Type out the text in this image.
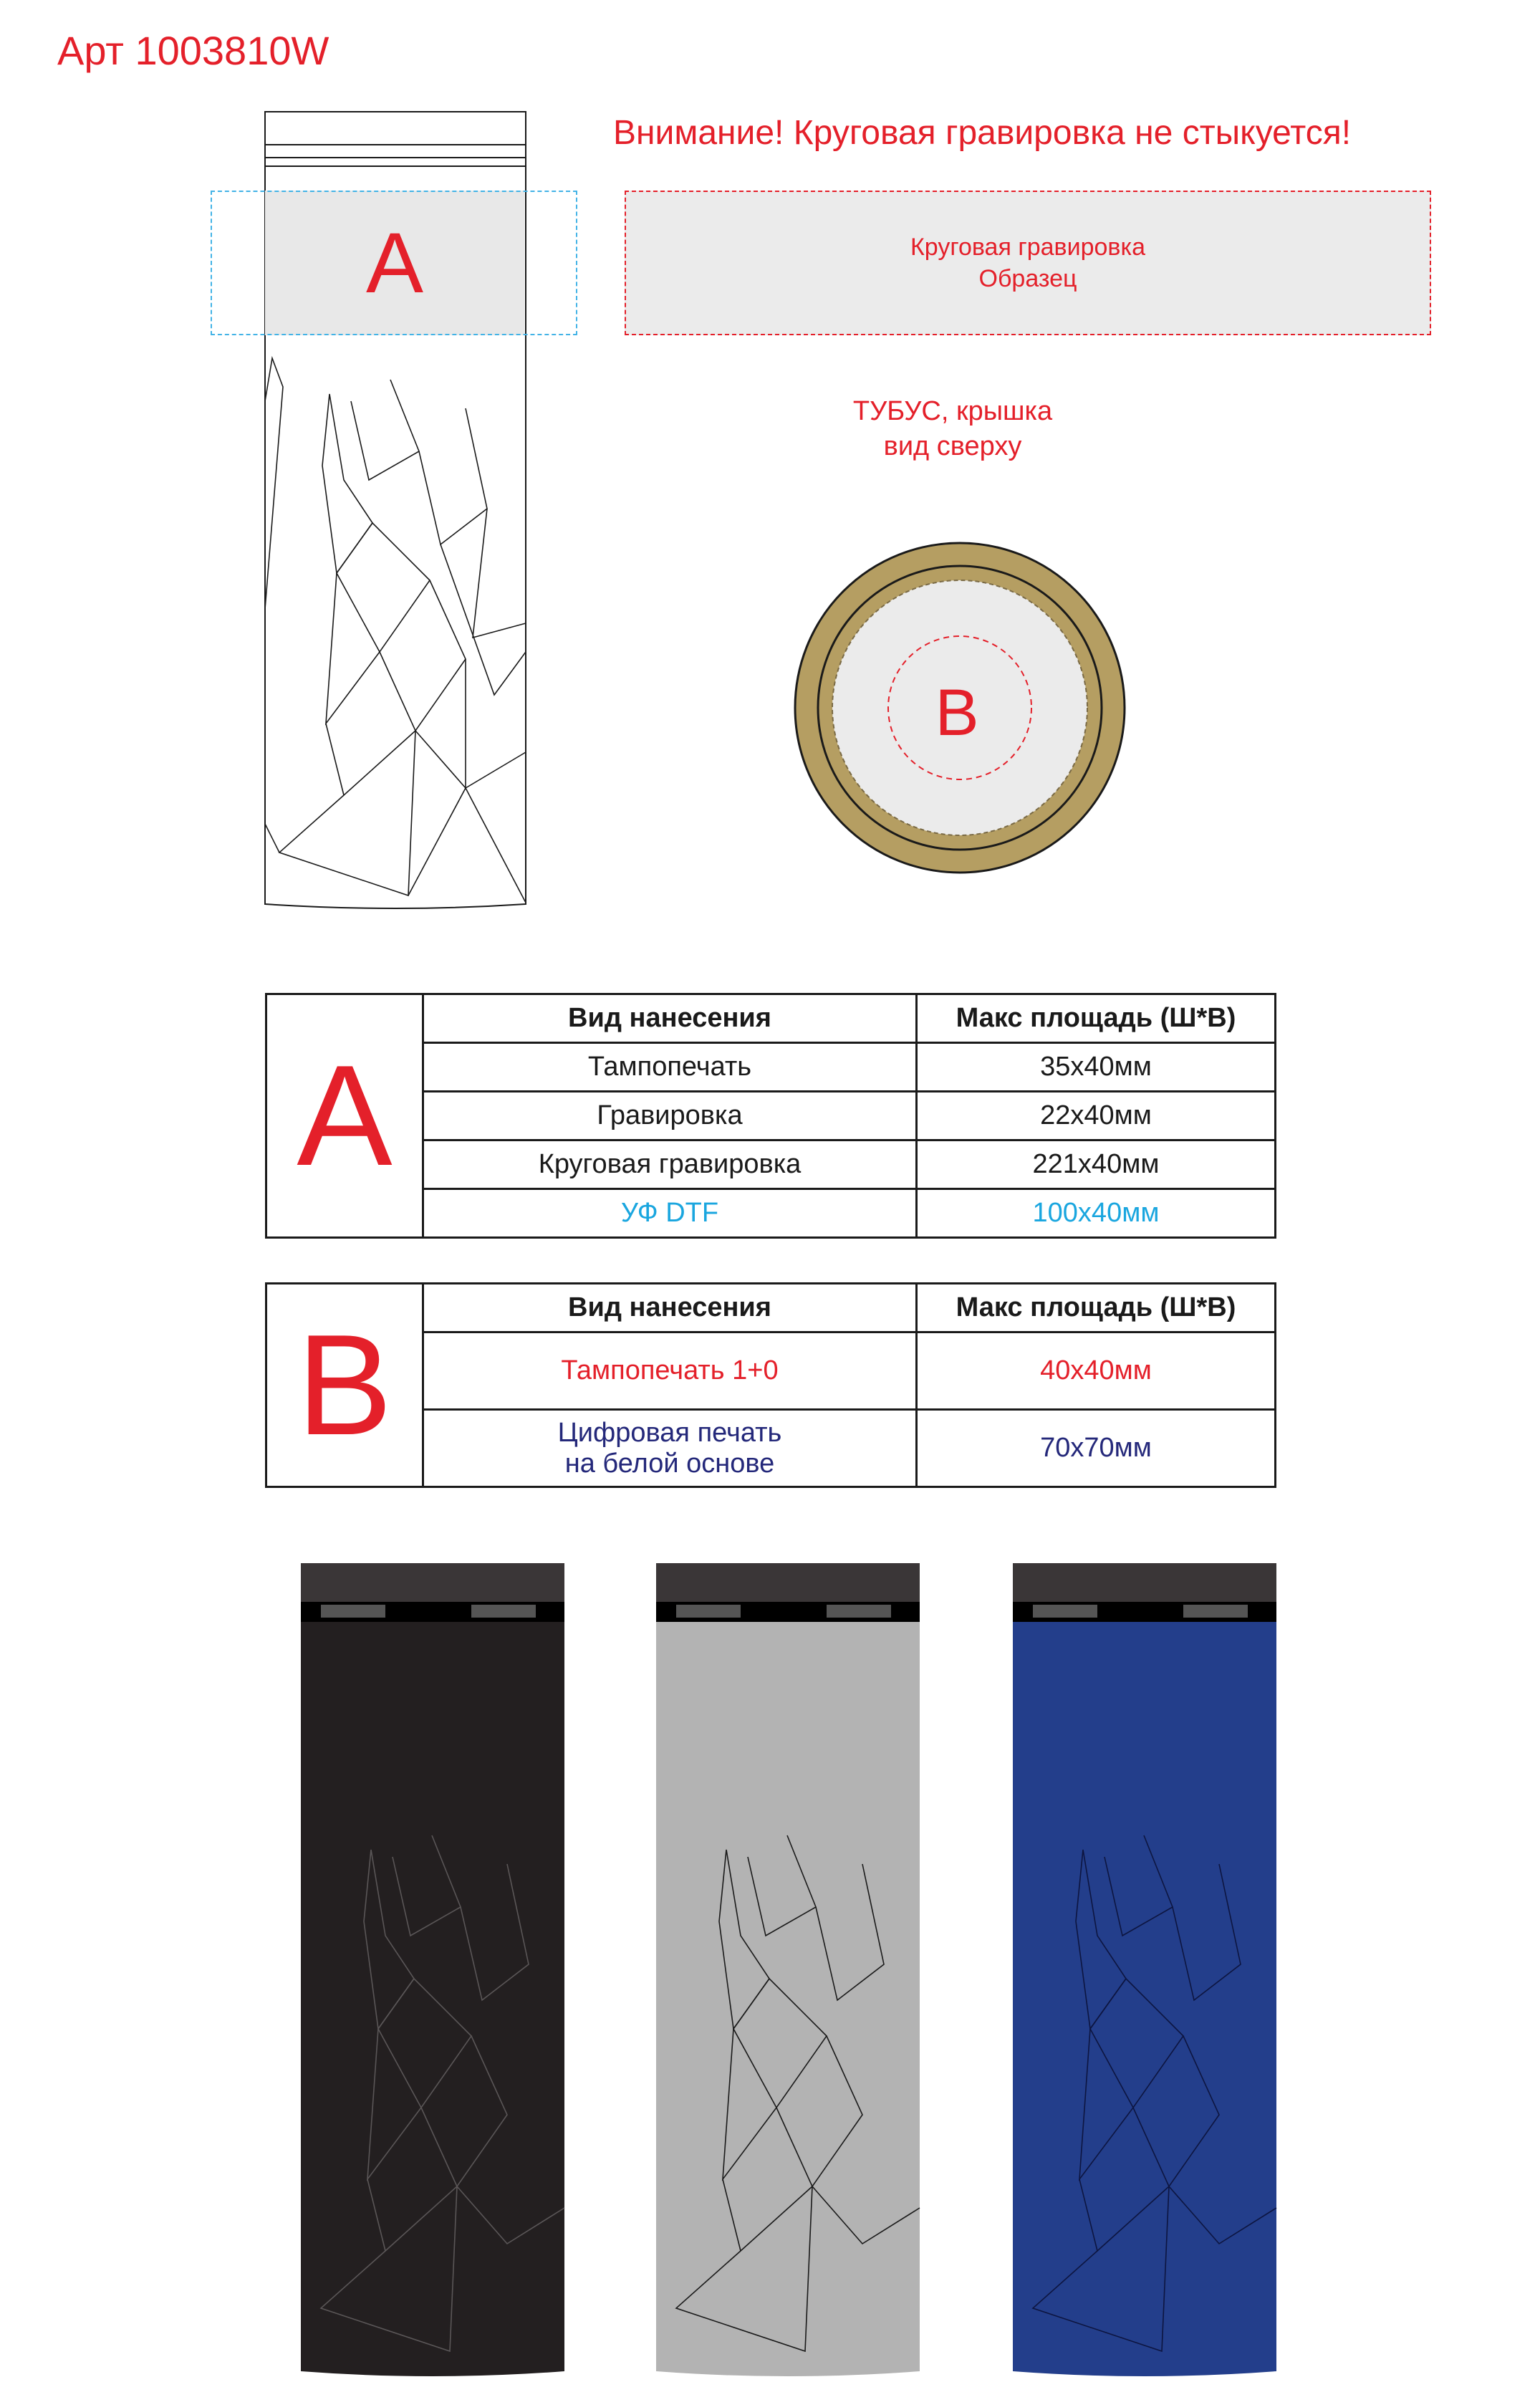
Арт 1003810W
Внимание! Круговая гравировка не стыкуется!
A	Круговая гравировка
Образец
ТУБУС, крышка
вид сверху
B
A	Вид нанесения	Макс площадь (Ш*В)
	Тампопечать	35x40мм
	Гравировка	22x40мм
	Круговая гравировка	221x40мм
	УФ DTF	100x40мм
B	Вид нанесения	Макс площадь (Ш*В)
	Тампопечать 1+0	40x40мм

	Цифровая печать
на белой основе	70x70мм
